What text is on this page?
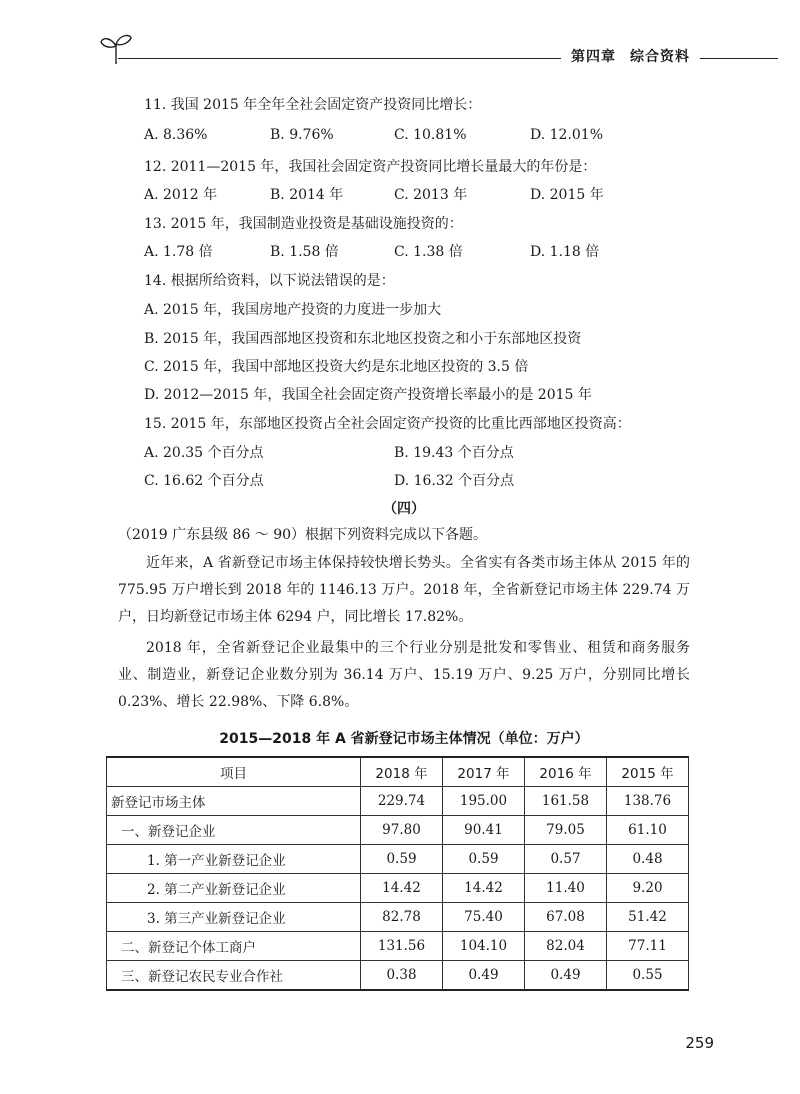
第四章 综合资料
11. 我国 2015 年全年全社会固定资产投资同比增长：
A. 8.36%	B. 9.76%	C. 10.81%	D. 12.01%
12. 2011—2015 年，我国社会固定资产投资同比增长量最大的年份是：
A. 2012 年	B. 2014 年	C. 2013 年	D. 2015 年
13. 2015 年，我国制造业投资是基础设施投资的：
A. 1.78 倍	B. 1.58 倍	C. 1.38 倍	D. 1.18 倍
14. 根据所给资料，以下说法错误的是：
A. 2015 年，我国房地产投资的力度进一步加大
B. 2015 年，我国西部地区投资和东北地区投资之和小于东部地区投资
C. 2015 年，我国中部地区投资大约是东北地区投资的 3.5 倍
D. 2012—2015 年，我国全社会固定资产投资增长率最小的是 2015 年
15. 2015 年，东部地区投资占全社会固定资产投资的比重比西部地区投资高：
A. 20.35 个百分点	B. 19.43 个百分点
C. 16.62 个百分点	D. 16.32 个百分点
（四）
（2019 广东县级 86 ～ 90）根据下列资料完成以下各题。
近年来，A 省新登记市场主体保持较快增长势头。全省实有各类市场主体从 2015 年的 775.95 万户增长到 2018 年的 1146.13 万户。2018 年，全省新登记市场主体 229.74 万户，日均新登记市场主体 6294 户，同比增长 17.82%。
2018 年，全省新登记企业最集中的三个行业分别是批发和零售业、租赁和商务服务业、制造业，新登记企业数分别为 36.14 万户、15.19 万户、9.25 万户，分别同比增长 0.23%、增长 22.98%、下降 6.8%。
2015—2018 年 A 省新登记市场主体情况（单位：万户）
项目	2018 年	2017 年	2016 年	2015 年
新登记市场主体	229.74	195.00	161.58	138.76
一、新登记企业	97.80	90.41	79.05	61.10
1. 第一产业新登记企业	0.59	0.59	0.57	0.48
2. 第二产业新登记企业	14.42	14.42	11.40	9.20
3. 第三产业新登记企业	82.78	75.40	67.08	51.42
二、新登记个体工商户	131.56	104.10	82.04	77.11
三、新登记农民专业合作社	0.38	0.49	0.49	0.55
259
